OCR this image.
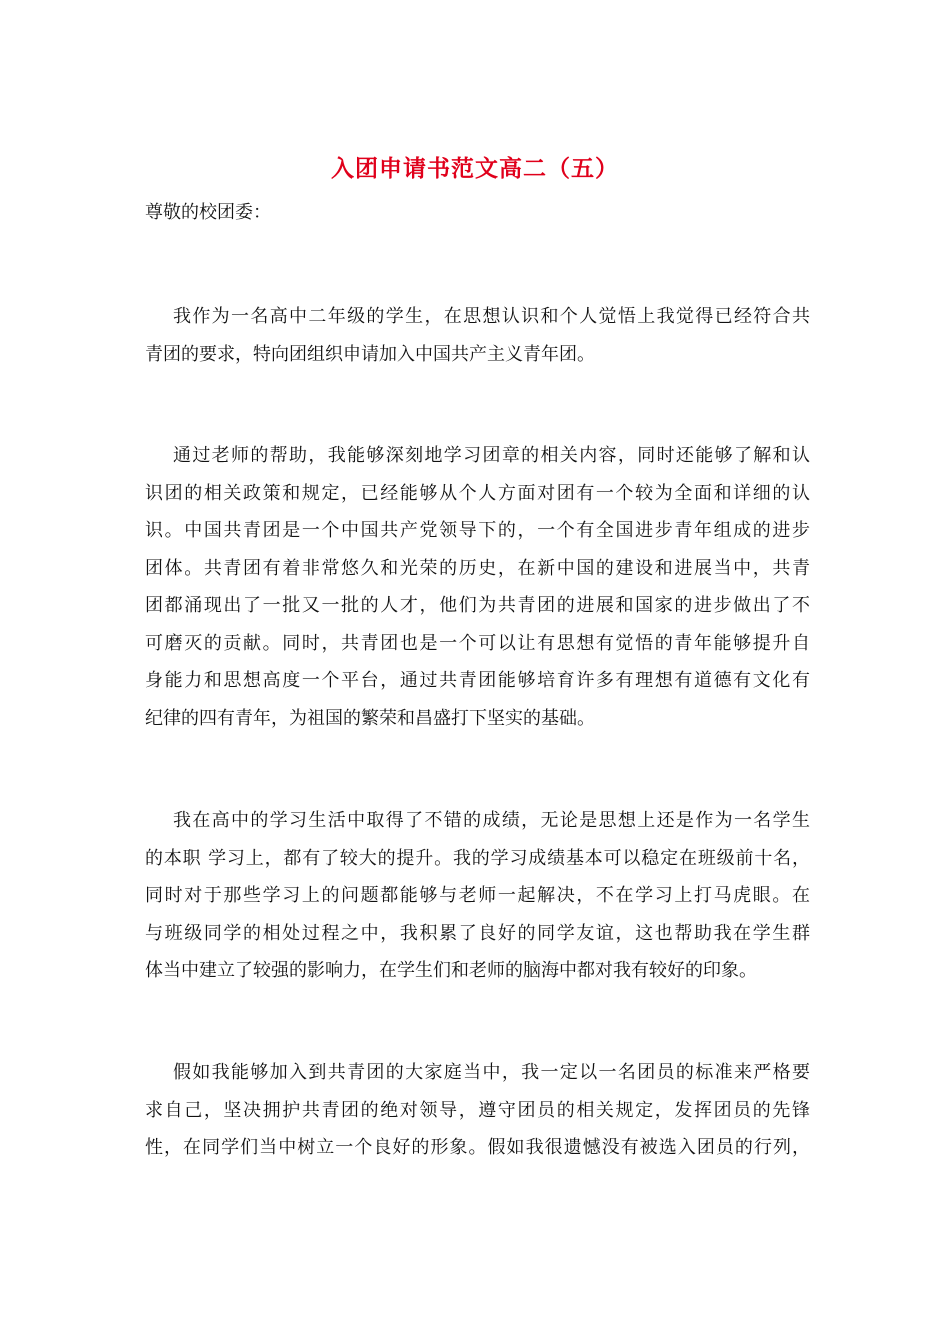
入团申请书范文高二（五）
尊敬的校团委：
我作为一名高中二年级的学生，在思想认识和个人觉悟上我觉得已经符合共
青团的要求，特向团组织申请加入中国共产主义青年团。
通过老师的帮助，我能够深刻地学习团章的相关内容，同时还能够了解和认
识团的相关政策和规定，已经能够从个人方面对团有一个较为全面和详细的认
识。中国共青团是一个中国共产党领导下的，一个有全国进步青年组成的进步
团体。共青团有着非常悠久和光荣的历史，在新中国的建设和进展当中，共青
团都涌现出了一批又一批的人才，他们为共青团的进展和国家的进步做出了不
可磨灭的贡献。同时，共青团也是一个可以让有思想有觉悟的青年能够提升自
身能力和思想高度一个平台，通过共青团能够培育许多有理想有道德有文化有
纪律的四有青年，为祖国的繁荣和昌盛打下坚实的基础。
我在高中的学习生活中取得了不错的成绩，无论是思想上还是作为一名学生
的本职 学习上，都有了较大的提升。我的学习成绩基本可以稳定在班级前十名，
同时对于那些学习上的问题都能够与老师一起解决，不在学习上打马虎眼。在
与班级同学的相处过程之中，我积累了良好的同学友谊，这也帮助我在学生群
体当中建立了较强的影响力，在学生们和老师的脑海中都对我有较好的印象。
假如我能够加入到共青团的大家庭当中，我一定以一名团员的标准来严格要
求自己，坚决拥护共青团的绝对领导，遵守团员的相关规定，发挥团员的先锋
性，在同学们当中树立一个良好的形象。假如我很遗憾没有被选入团员的行列，
